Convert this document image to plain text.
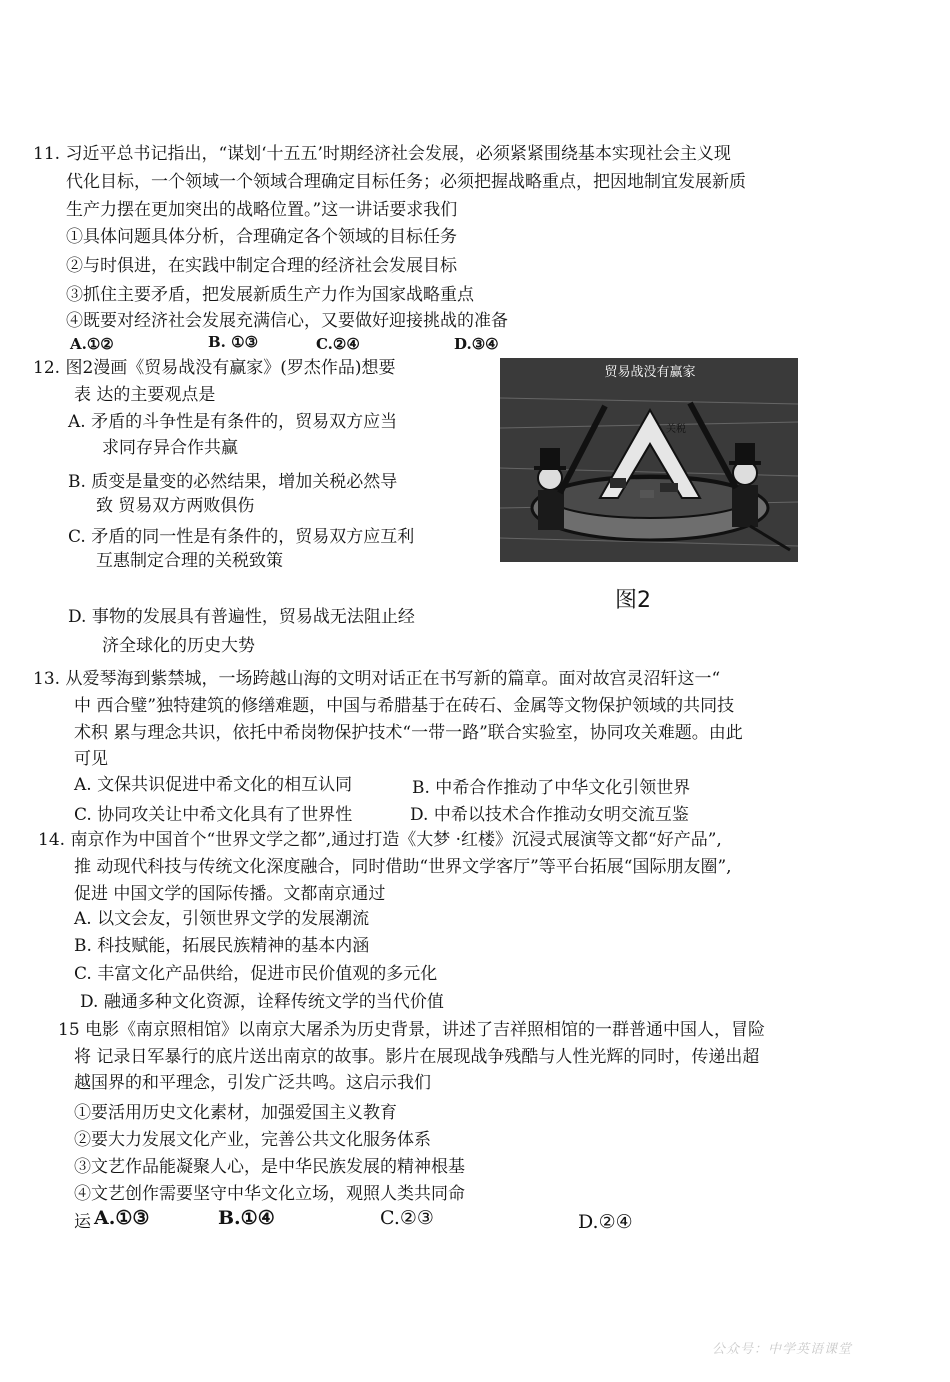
11. 习近平总书记指出，“谋划‘十五五’时期经济社会发展，必须紧紧围绕基本实现社会主义现
代化目标，一个领域一个领域合理确定目标任务；必须把握战略重点，把因地制宜发展新质
生产力摆在更加突出的战略位置。”这一讲话要求我们
①具体问题具体分析，合理确定各个领域的目标任务
②与时俱进，在实践中制定合理的经济社会发展目标
③抓住主要矛盾，把发展新质生产力作为国家战略重点
④既要对经济社会发展充满信心，又要做好迎接挑战的准备
A.①②	B. ①③	C.②④	D.③④
12. 图2漫画《贸易战没有赢家》(罗杰作品)想要
表 达的主要观点是
A. 矛盾的斗争性是有条件的，贸易双方应当
求同存异合作共赢
B. 质变是量变的必然结果，增加关税必然导
致 贸易双方两败俱伤
C. 矛盾的同一性是有条件的，贸易双方应互利
互惠制定合理的关税致策
D. 事物的发展具有普遍性，贸易战无法阻止经
济全球化的历史大势
贸易战没有赢家
关税
图2
13. 从爱琴海到紫禁城，一场跨越山海的文明对话正在书写新的篇章。面对故宫灵沼轩这一“
中 西合璧”独特建筑的修缮难题，中国与希腊基于在砖石、金属等文物保护领域的共同技
术积 累与理念共识，依托中希岗物保护技术“一带一路”联合实验室，协同攻关难题。由此
可见
A. 文保共识促进中希文化的相互认同	B. 中希合作推动了中华文化引领世界
C. 协同攻关让中希文化具有了世界性	D. 中希以技术合作推动女明交流互鉴
14. 南京作为中国首个“世界文学之都”,通过打造《大梦 ·红楼》沉浸式展演等文都“好产品”,
推 动现代科技与传统文化深度融合，同时借助“世界文学客厅”等平台拓展“国际朋友圈”,
促进 中国文学的国际传播。文都南京通过
A. 以文会友，引领世界文学的发展潮流
B. 科技赋能，拓展民族精神的基本内涵
C. 丰富文化产品供给，促进市民价值观的多元化
D. 融通多种文化资源，诠释传统文学的当代价值
15 电影《南京照相馆》以南京大屠杀为历史背景，讲述了吉祥照相馆的一群普通中国人，冒险
将 记录日军暴行的底片送出南京的故事。影片在展现战争残酷与人性光辉的同时，传递出超
越国界的和平理念，引发广泛共鸣。这启示我们
①要活用历史文化素材，加强爱国主义教育
②要大力发展文化产业，完善公共文化服务体系
③文艺作品能凝聚人心，是中华民族发展的精神根基
④文艺创作需要坚守中华文化立场，观照人类共同命
运 A.①③	B.①④	C.②③	D.②④
公众号：中学英语课堂
